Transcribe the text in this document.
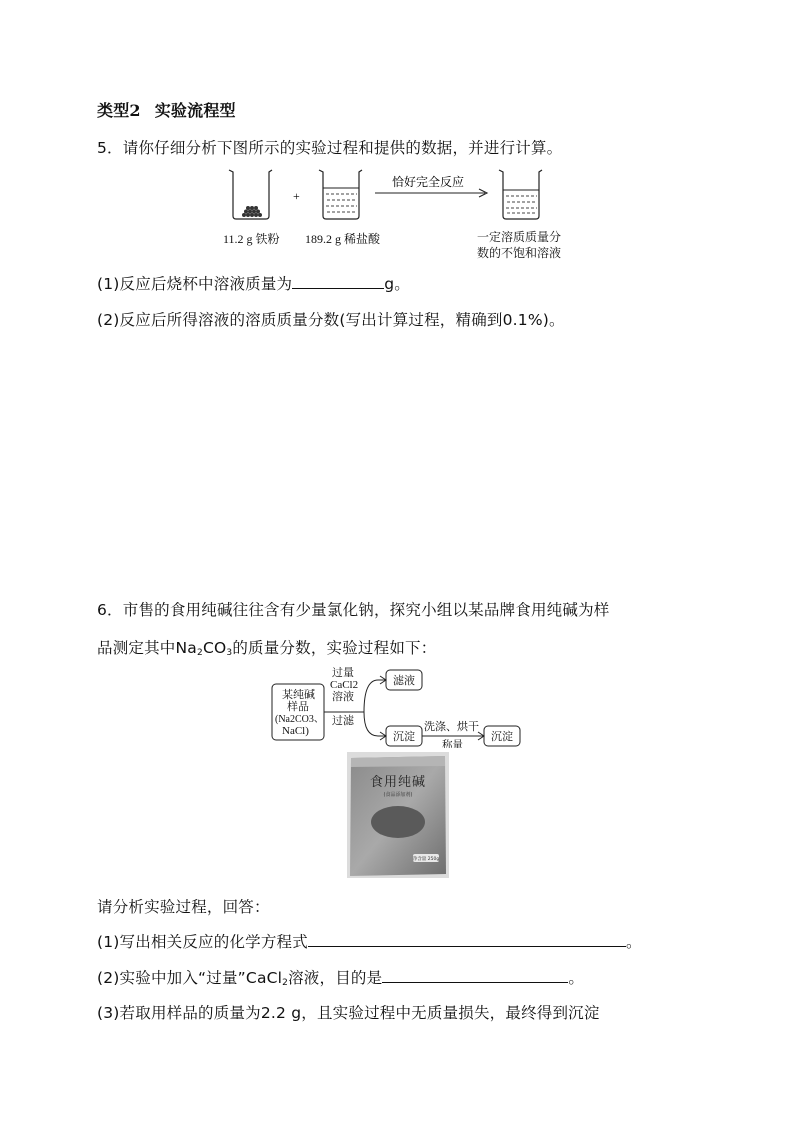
类型2 实验流程型
5．请你仔细分析下图所示的实验过程和提供的数据，并进行计算。
+
恰好完全反应
11.2 g 铁粉 189.2 g 稀盐酸	一定溶质质量分
数的不饱和溶液
(1)反应后烧杯中溶液质量为	g。
(2)反应后所得溶液的溶质质量分数(写出计算过程，精确到0.1%)。
6．市售的食用纯碱往往含有少量氯化钠，探究小组以某品牌食用纯碱为样
品测定其中$Na_2CO_3$的质量分数，实验过程如下：
某纯碱
样品
(Na2CO3、
NaCl)
过量
CaCl2
溶液
过滤
滤液
沉淀
洗涤、烘干
称量
沉淀
食用纯碱
(食品添加剂)
净含量 250g
请分析实验过程，回答：
(1)写出相关反应的化学方程式	。
(2)实验中加入“过量”CaCl$_2$溶液，目的是	。
(3)若取用样品的质量为2.2 g，且实验过程中无质量损失，最终得到沉淀
